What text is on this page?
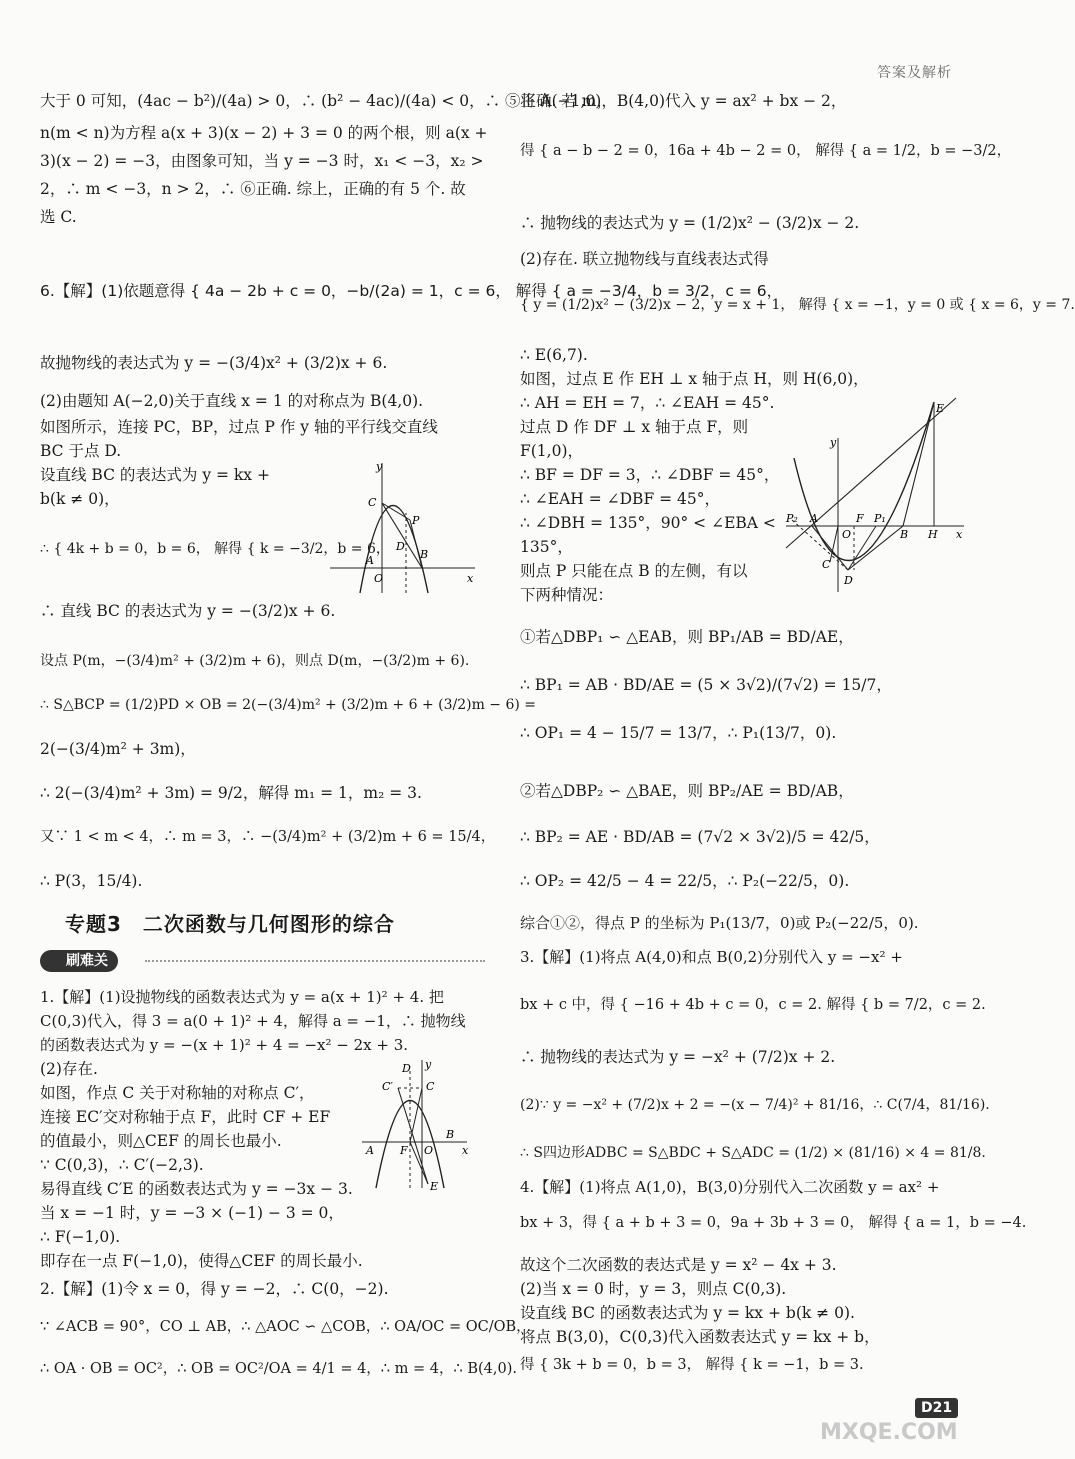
答案及解析
大于 0 可知，(4ac − b²)/(4a) > 0，∴ (b² − 4ac)/(4a) < 0，∴ ⑤正确. 若 m，
n(m < n)为方程 a(x + 3)(x − 2) + 3 = 0 的两个根，则 a(x +
3)(x − 2) = −3，由图象可知，当 y = −3 时，x₁ < −3，x₂ >
2，∴ m < −3，n > 2，∴ ⑥正确. 综上，正确的有 5 个. 故
选 C.
6.【解】(1)依题意得 { 4a − 2b + c = 0，−b/(2a) = 1，c = 6， 解得 { a = −3/4，b = 3/2，c = 6，
故抛物线的表达式为 y = −(3/4)x² + (3/2)x + 6.
(2)由题知 A(−2,0)关于直线 x = 1 的对称点为 B(4,0).
如图所示，连接 PC，BP，过点 P 作 y 轴的平行线交直线
BC 于点 D.
设直线 BC 的表达式为 y = kx +
b(k ≠ 0)，
∴ { 4k + b = 0，b = 6， 解得 { k = −3/2，b = 6，
∴ 直线 BC 的表达式为 y = −(3/2)x + 6.
设点 P(m，−(3/4)m² + (3/2)m + 6)，则点 D(m，−(3/2)m + 6).
∴ S△BCP = (1/2)PD × OB = 2(−(3/4)m² + (3/2)m + 6 + (3/2)m − 6) =
2(−(3/4)m² + 3m)，
∴ 2(−(3/4)m² + 3m) = 9/2，解得 m₁ = 1，m₂ = 3.
又∵ 1 < m < 4，∴ m = 3，∴ −(3/4)m² + (3/2)m + 6 = 15/4，
∴ P(3，15/4).
专题3　二次函数与几何图形的综合
刷难关
1.【解】(1)设抛物线的函数表达式为 y = a(x + 1)² + 4. 把
C(0,3)代入，得 3 = a(0 + 1)² + 4，解得 a = −1，∴ 抛物线
的函数表达式为 y = −(x + 1)² + 4 = −x² − 2x + 3.
(2)存在.
如图，作点 C 关于对称轴的对称点 C′，
连接 EC′交对称轴于点 F，此时 CF + EF
的值最小，则△CEF 的周长也最小.
∵ C(0,3)，∴ C′(−2,3).
易得直线 C′E 的函数表达式为 y = −3x − 3.
当 x = −1 时，y = −3 × (−1) − 3 = 0，
∴ F(−1,0).
即存在一点 F(−1,0)，使得△CEF 的周长最小.
2.【解】(1)令 x = 0，得 y = −2，∴ C(0，−2).
∵ ∠ACB = 90°，CO ⊥ AB，∴ △AOC ∽ △COB，∴ OA/OC = OC/OB，
∴ OA · OB = OC²，∴ OB = OC²/OA = 4/1 = 4，∴ m = 4，∴ B(4,0).
y
C
P
D
A
O
B
x
y
D
C′	C
A F O
B
x
E
将 A(−1,0)，B(4,0)代入 y = ax² + bx − 2，
得 { a − b − 2 = 0，16a + 4b − 2 = 0， 解得 { a = 1/2，b = −3/2，
∴ 抛物线的表达式为 y = (1/2)x² − (3/2)x − 2.
(2)存在. 联立抛物线与直线表达式得
{ y = (1/2)x² − (3/2)x − 2，y = x + 1， 解得 { x = −1，y = 0 或 { x = 6，y = 7.
∴ E(6,7).
如图，过点 E 作 EH ⊥ x 轴于点 H，则 H(6,0)，
∴ AH = EH = 7，∴ ∠EAH = 45°.
过点 D 作 DF ⊥ x 轴于点 F，则
F(1,0)，
∴ BF = DF = 3，∴ ∠DBF = 45°，
∴ ∠EAH = ∠DBF = 45°，
∴ ∠DBH = 135°，90° < ∠EBA <
135°，
则点 P 只能在点 B 的左侧，有以
下两种情况：
①若△DBP₁ ∽ △EAB，则 BP₁/AB = BD/AE，
∴ BP₁ = AB · BD/AE = (5 × 3√2)/(7√2) = 15/7，
∴ OP₁ = 4 − 15/7 = 13/7，∴ P₁(13/7，0).
②若△DBP₂ ∽ △BAE，则 BP₂/AE = BD/AB，
∴ BP₂ = AE · BD/AB = (7√2 × 3√2)/5 = 42/5，
∴ OP₂ = 42/5 − 4 = 22/5，∴ P₂(−22/5，0).
综合①②，得点 P 的坐标为 P₁(13/7，0)或 P₂(−22/5，0).
3.【解】(1)将点 A(4,0)和点 B(0,2)分别代入 y = −x² +
bx + c 中，得 { −16 + 4b + c = 0，c = 2. 解得 { b = 7/2，c = 2.
∴ 抛物线的表达式为 y = −x² + (7/2)x + 2.
(2)∵ y = −x² + (7/2)x + 2 = −(x − 7/4)² + 81/16，∴ C(7/4，81/16).
∴ S四边形ADBC = S△BDC + S△ADC = (1/2) × (81/16) × 4 = 81/8.
4.【解】(1)将点 A(1,0)，B(3,0)分别代入二次函数 y = ax² +
bx + 3，得 { a + b + 3 = 0，9a + 3b + 3 = 0， 解得 { a = 1，b = −4.
故这个二次函数的表达式是 y = x² − 4x + 3.
(2)当 x = 0 时，y = 3，则点 C(0,3).
设直线 BC 的函数表达式为 y = kx + b(k ≠ 0).
将点 B(3,0)，C(0,3)代入函数表达式 y = kx + b，
得 { 3k + b = 0，b = 3， 解得 { k = −1，b = 3.
E
y
P₂ A	F P₁
O	B H x
C
D
D21
MXQE.COM
